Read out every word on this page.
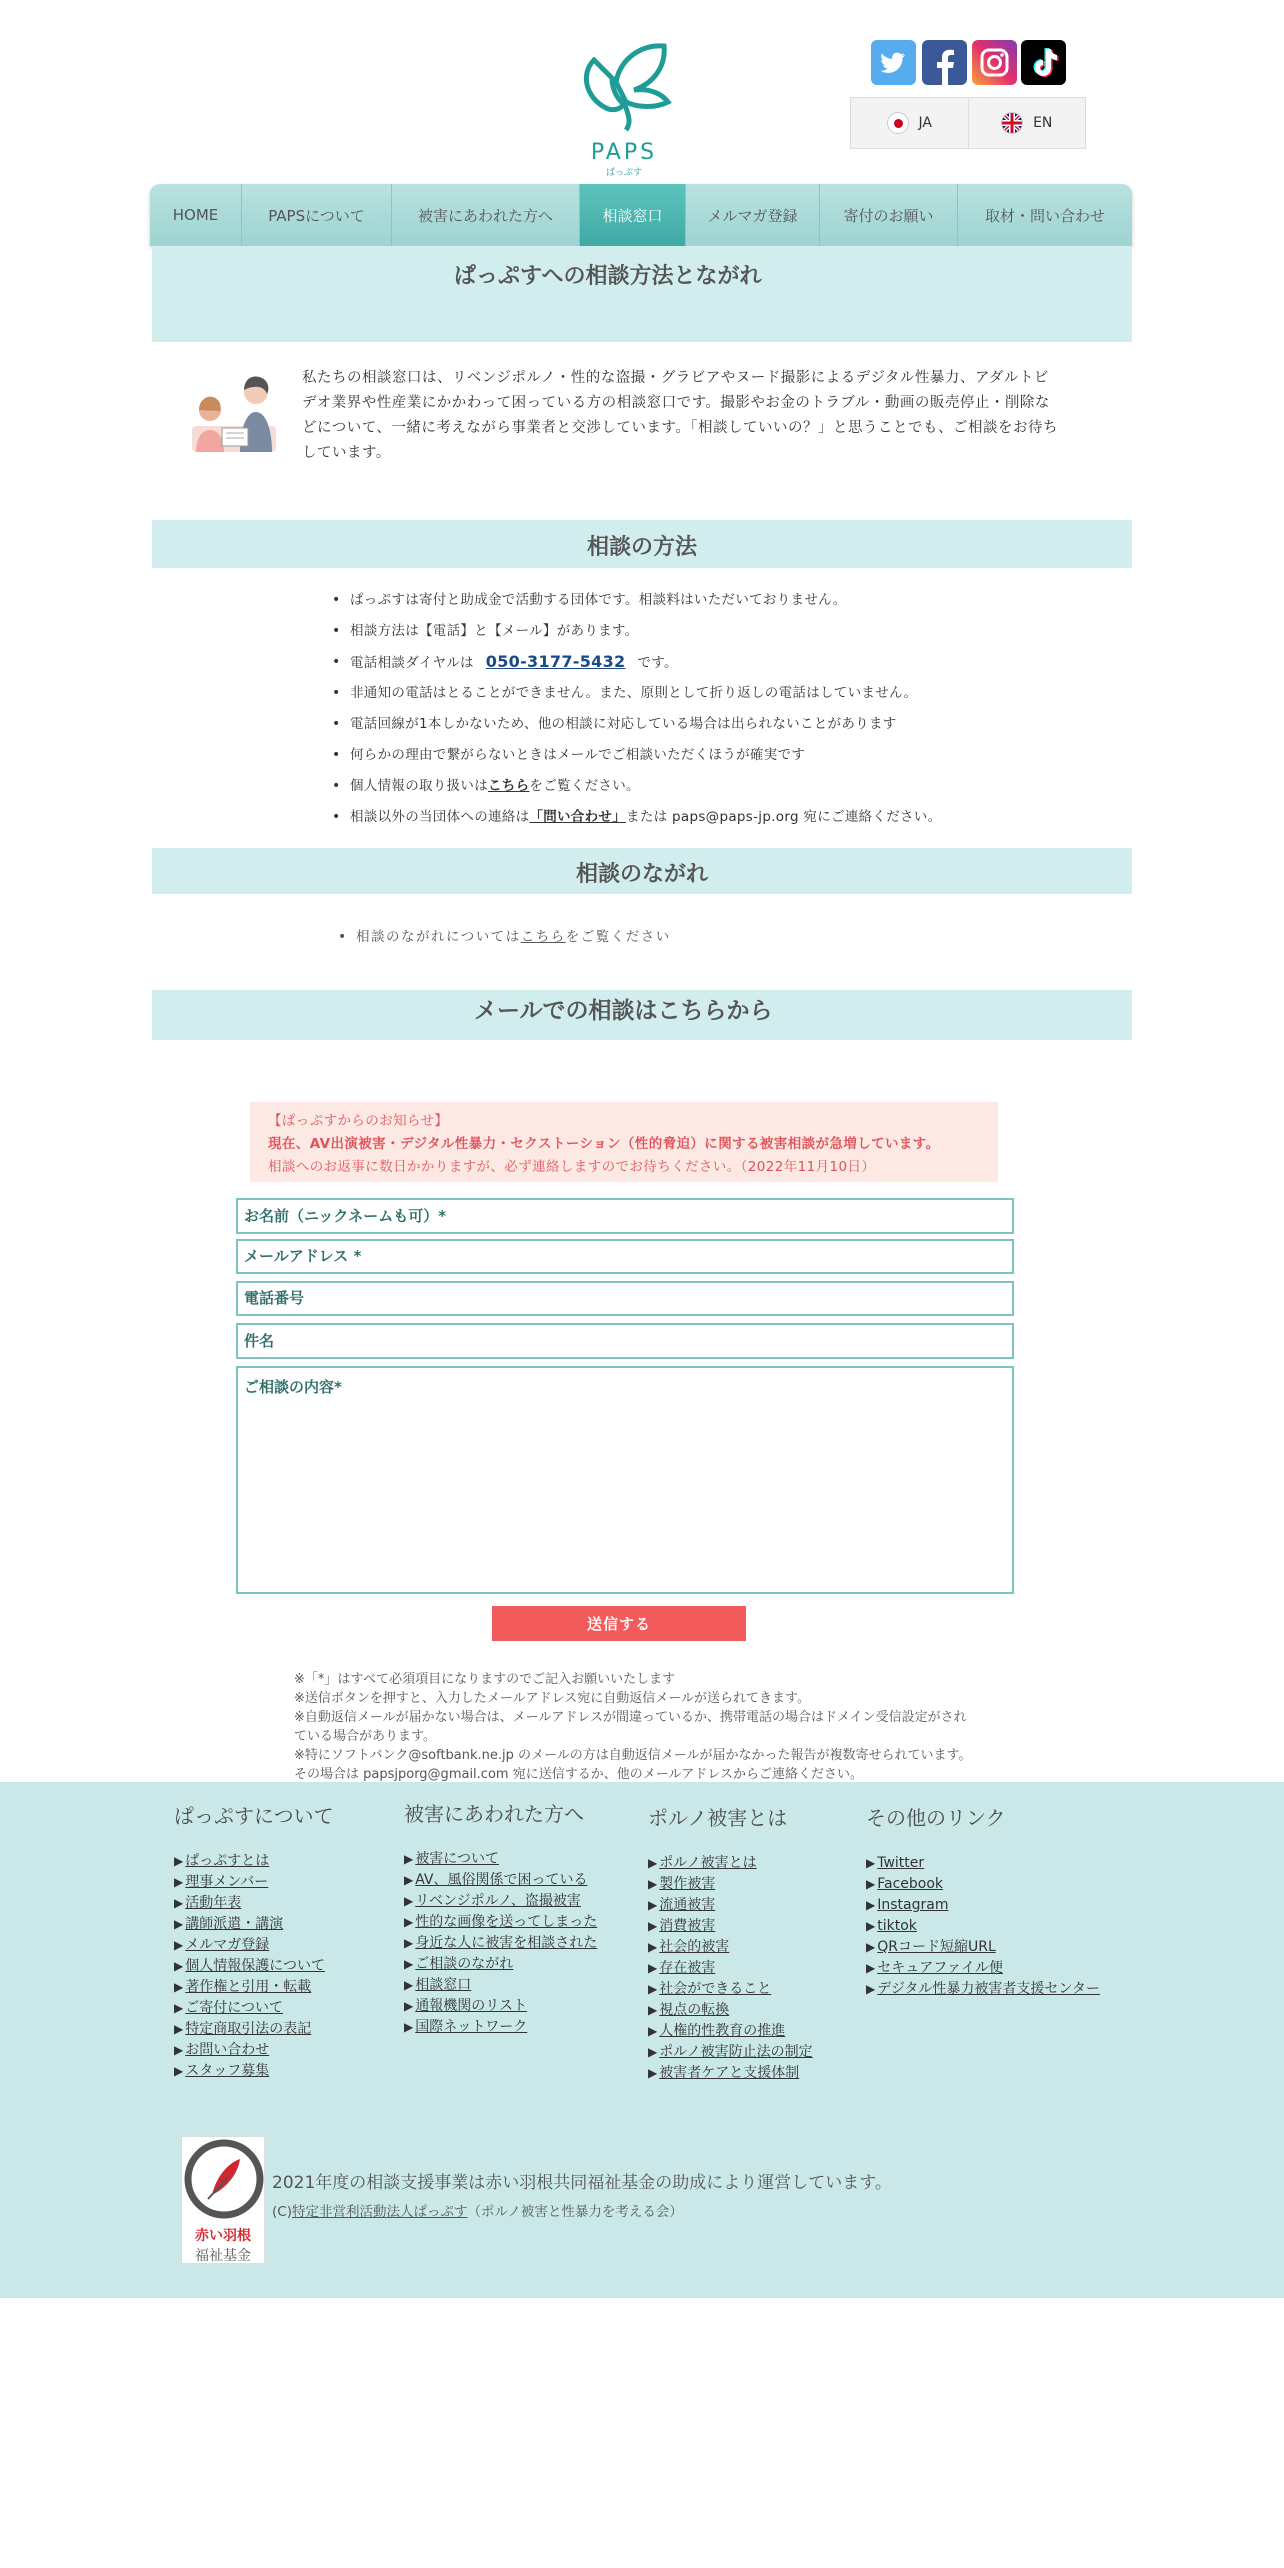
PAPS
ぱっぷす
JA	EN
HOME	PAPSについて	被害にあわれた方へ	相談窓口	メルマガ登録	寄付のお願い	取材・問い合わせ
ぱっぷすへの相談方法とながれ
私たちの相談窓口は、リベンジポルノ・性的な盗撮・グラビアやヌード撮影によるデジタル性暴力、アダルトビデオ業界や性産業にかかわって困っている方の相談窓口です。撮影やお金のトラブル・動画の販売停止・削除などについて、一緒に考えながら事業者と交渉しています。「相談していいの？」と思うことでも、ご相談をお待ちしています。
相談の方法
• ぱっぷすは寄付と助成金で活動する団体です。相談料はいただいておりません。
• 相談方法は【電話】と【メール】があります。
• 電話相談ダイヤルは 050-3177-5432 です。
• 非通知の電話はとることができません。また、原則として折り返しの電話はしていません。
• 電話回線が1本しかないため、他の相談に対応している場合は出られないことがあります
• 何らかの理由で繋がらないときはメールでご相談いただくほうが確実です
• 個人情報の取り扱いはこちらをご覧ください。
• 相談以外の当団体への連絡は「問い合わせ」または paps@paps-jp.org 宛にご連絡ください。
相談のながれ
• 相談のながれについてはこちらをご覧ください
メールでの相談はこちらから
【ぱっぷすからのお知らせ】
現在、AV出演被害・デジタル性暴力・セクストーション（性的脅迫）に関する被害相談が急増しています。
相談へのお返事に数日かかりますが、必ず連絡しますのでお待ちください。（2022年11月10日）
お名前（ニックネームも可）*
メールアドレス *
電話番号
件名
ご相談の内容*
送信する
※「*」はすべて必須項目になりますのでご記入お願いいたします
※送信ボタンを押すと、入力したメールアドレス宛に自動返信メールが送られてきます。
※自動返信メールが届かない場合は、メールアドレスが間違っているか、携帯電話の場合はドメイン受信設定がされている場合があります。
※特にソフトバンク@softbank.ne.jp のメールの方は自動返信メールが届かなかった報告が複数寄せられています。その場合は papsjporg@gmail.com 宛に送信するか、他のメールアドレスからご連絡ください。
ぱっぷすについて
▶ ぱっぷすとは
▶ 理事メンバー
▶ 活動年表
▶ 講師派遣・講演
▶ メルマガ登録
▶ 個人情報保護について
▶ 著作権と引用・転載
▶ ご寄付について
▶ 特定商取引法の表記
▶ お問い合わせ
▶ スタッフ募集
被害にあわれた方へ
▶ 被害について
▶ AV、風俗関係で困っている
▶ リベンジポルノ、盗撮被害
▶ 性的な画像を送ってしまった
▶ 身近な人に被害を相談された
▶ ご相談のながれ
▶ 相談窓口
▶ 通報機関のリスト
▶ 国際ネットワーク
ポルノ被害とは
▶ ポルノ被害とは
▶ 製作被害
▶ 流通被害
▶ 消費被害
▶ 社会的被害
▶ 存在被害
▶ 社会ができること
▶ 視点の転換
▶ 人権的性教育の推進
▶ ポルノ被害防止法の制定
▶ 被害者ケアと支援体制
その他のリンク
▶ Twitter
▶ Facebook
▶ Instagram
▶ tiktok
▶ QRコード短縮URL
▶ セキュアファイル便
▶ デジタル性暴力被害者支援センター
赤い羽根
福祉基金
2021年度の相談支援事業は赤い羽根共同福祉基金の助成により運営しています。
(C)特定非営利活動法人ぱっぷす（ポルノ被害と性暴力を考える会）
